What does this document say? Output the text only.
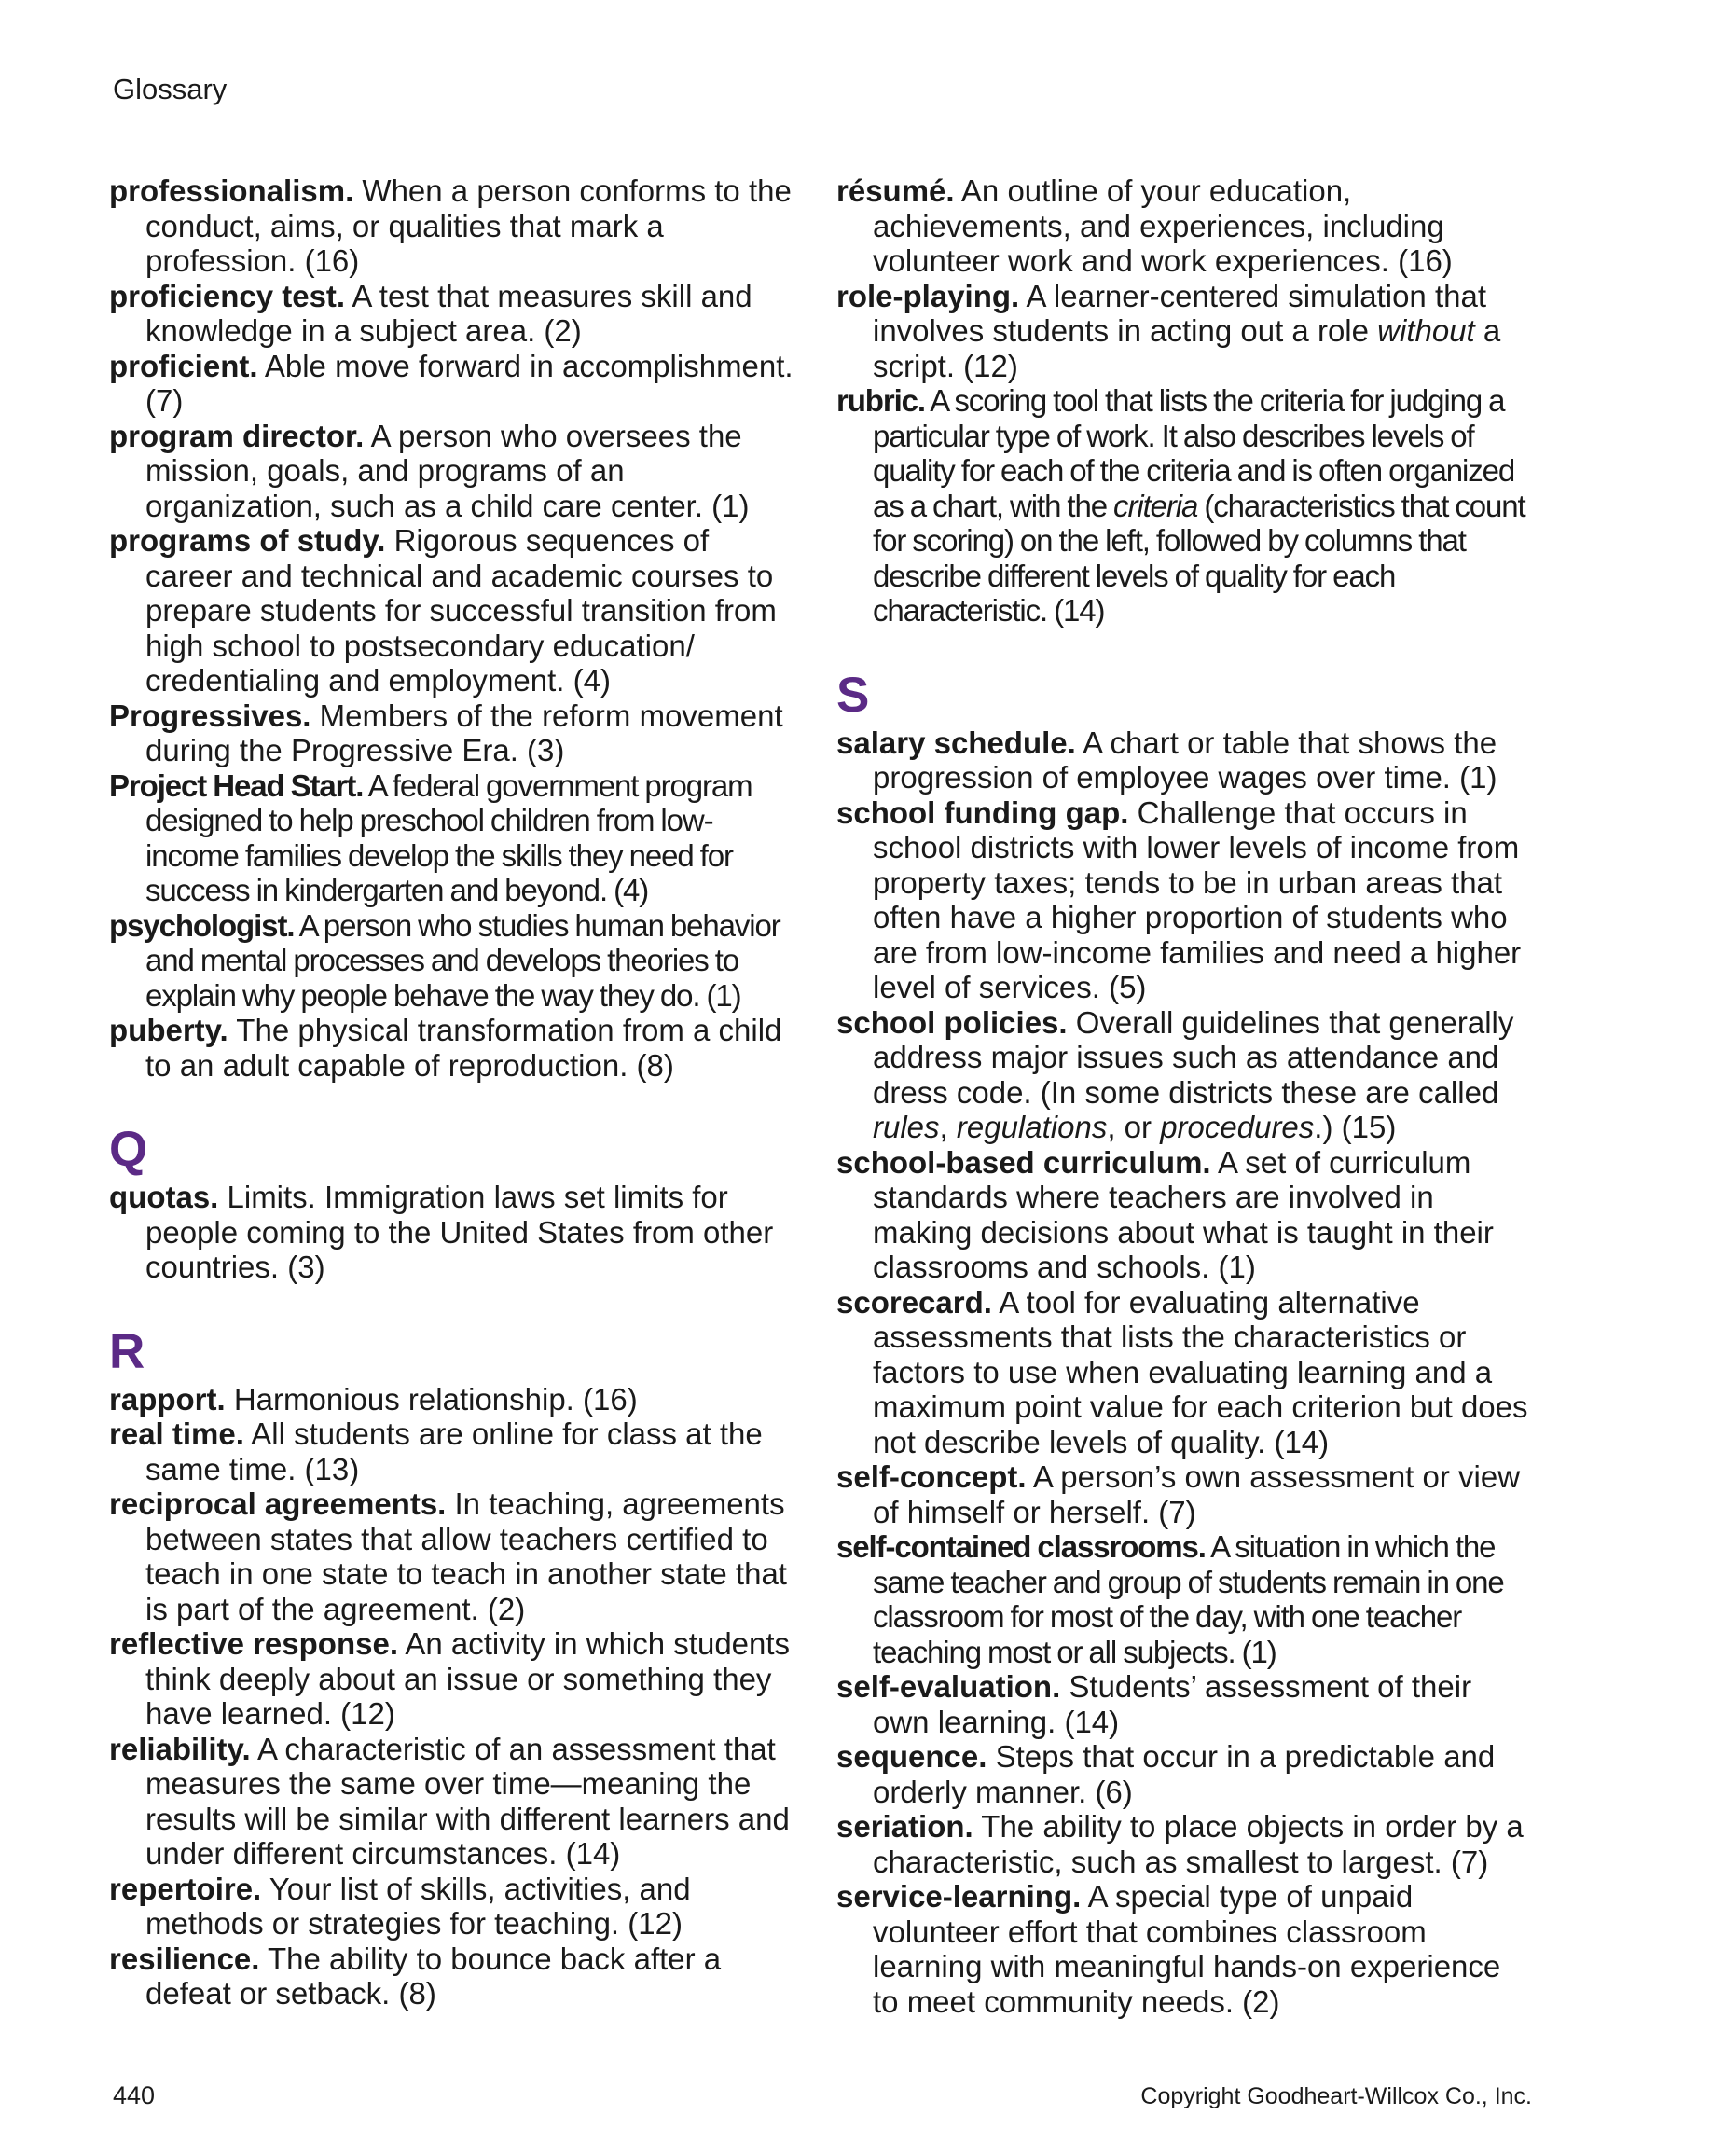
Glossary
professionalism. When a person conforms to the conduct, aims, or qualities that mark a profession. (16)
proficiency test. A test that measures skill and knowledge in a subject area. (2)
proficient. Able move forward in accomplishment. (7)
program director. A person who oversees the mission, goals, and programs of an organization, such as a child care center. (1)
programs of study. Rigorous sequences of career and technical and academic courses to prepare students for successful transition from high school to postsecondary education/ credentialing and employment. (4)
Progressives. Members of the reform movement during the Progressive Era. (3)
Project Head Start. A federal government program designed to help preschool children from low-income families develop the skills they need for success in kindergarten and beyond. (4)
psychologist. A person who studies human behavior and mental processes and develops theories to explain why people behave the way they do. (1)
puberty. The physical transformation from a child to an adult capable of reproduction. (8)
Q
quotas. Limits. Immigration laws set limits for people coming to the United States from other countries. (3)
R
rapport. Harmonious relationship. (16)
real time. All students are online for class at the same time. (13)
reciprocal agreements. In teaching, agreements between states that allow teachers certified to teach in one state to teach in another state that is part of the agreement. (2)
reflective response. An activity in which students think deeply about an issue or something they have learned. (12)
reliability. A characteristic of an assessment that measures the same over time—meaning the results will be similar with different learners and under different circumstances. (14)
repertoire. Your list of skills, activities, and methods or strategies for teaching. (12)
resilience. The ability to bounce back after a defeat or setback. (8)
résumé. An outline of your education, achievements, and experiences, including volunteer work and work experiences. (16)
role-playing. A learner-centered simulation that involves students in acting out a role without a script. (12)
rubric. A scoring tool that lists the criteria for judging a particular type of work. It also describes levels of quality for each of the criteria and is often organized as a chart, with the criteria (characteristics that count for scoring) on the left, followed by columns that describe different levels of quality for each characteristic. (14)
S
salary schedule. A chart or table that shows the progression of employee wages over time. (1)
school funding gap. Challenge that occurs in school districts with lower levels of income from property taxes; tends to be in urban areas that often have a higher proportion of students who are from low-income families and need a higher level of services. (5)
school policies. Overall guidelines that generally address major issues such as attendance and dress code. (In some districts these are called rules, regulations, or procedures.) (15)
school-based curriculum. A set of curriculum standards where teachers are involved in making decisions about what is taught in their classrooms and schools. (1)
scorecard. A tool for evaluating alternative assessments that lists the characteristics or factors to use when evaluating learning and a maximum point value for each criterion but does not describe levels of quality. (14)
self-concept. A person’s own assessment or view of himself or herself. (7)
self-contained classrooms. A situation in which the same teacher and group of students remain in one classroom for most of the day, with one teacher teaching most or all subjects. (1)
self-evaluation. Students’ assessment of their own learning. (14)
sequence. Steps that occur in a predictable and orderly manner. (6)
seriation. The ability to place objects in order by a characteristic, such as smallest to largest. (7)
service-learning. A special type of unpaid volunteer effort that combines classroom learning with meaningful hands-on experience to meet community needs. (2)
440	Copyright Goodheart-Willcox Co., Inc.
